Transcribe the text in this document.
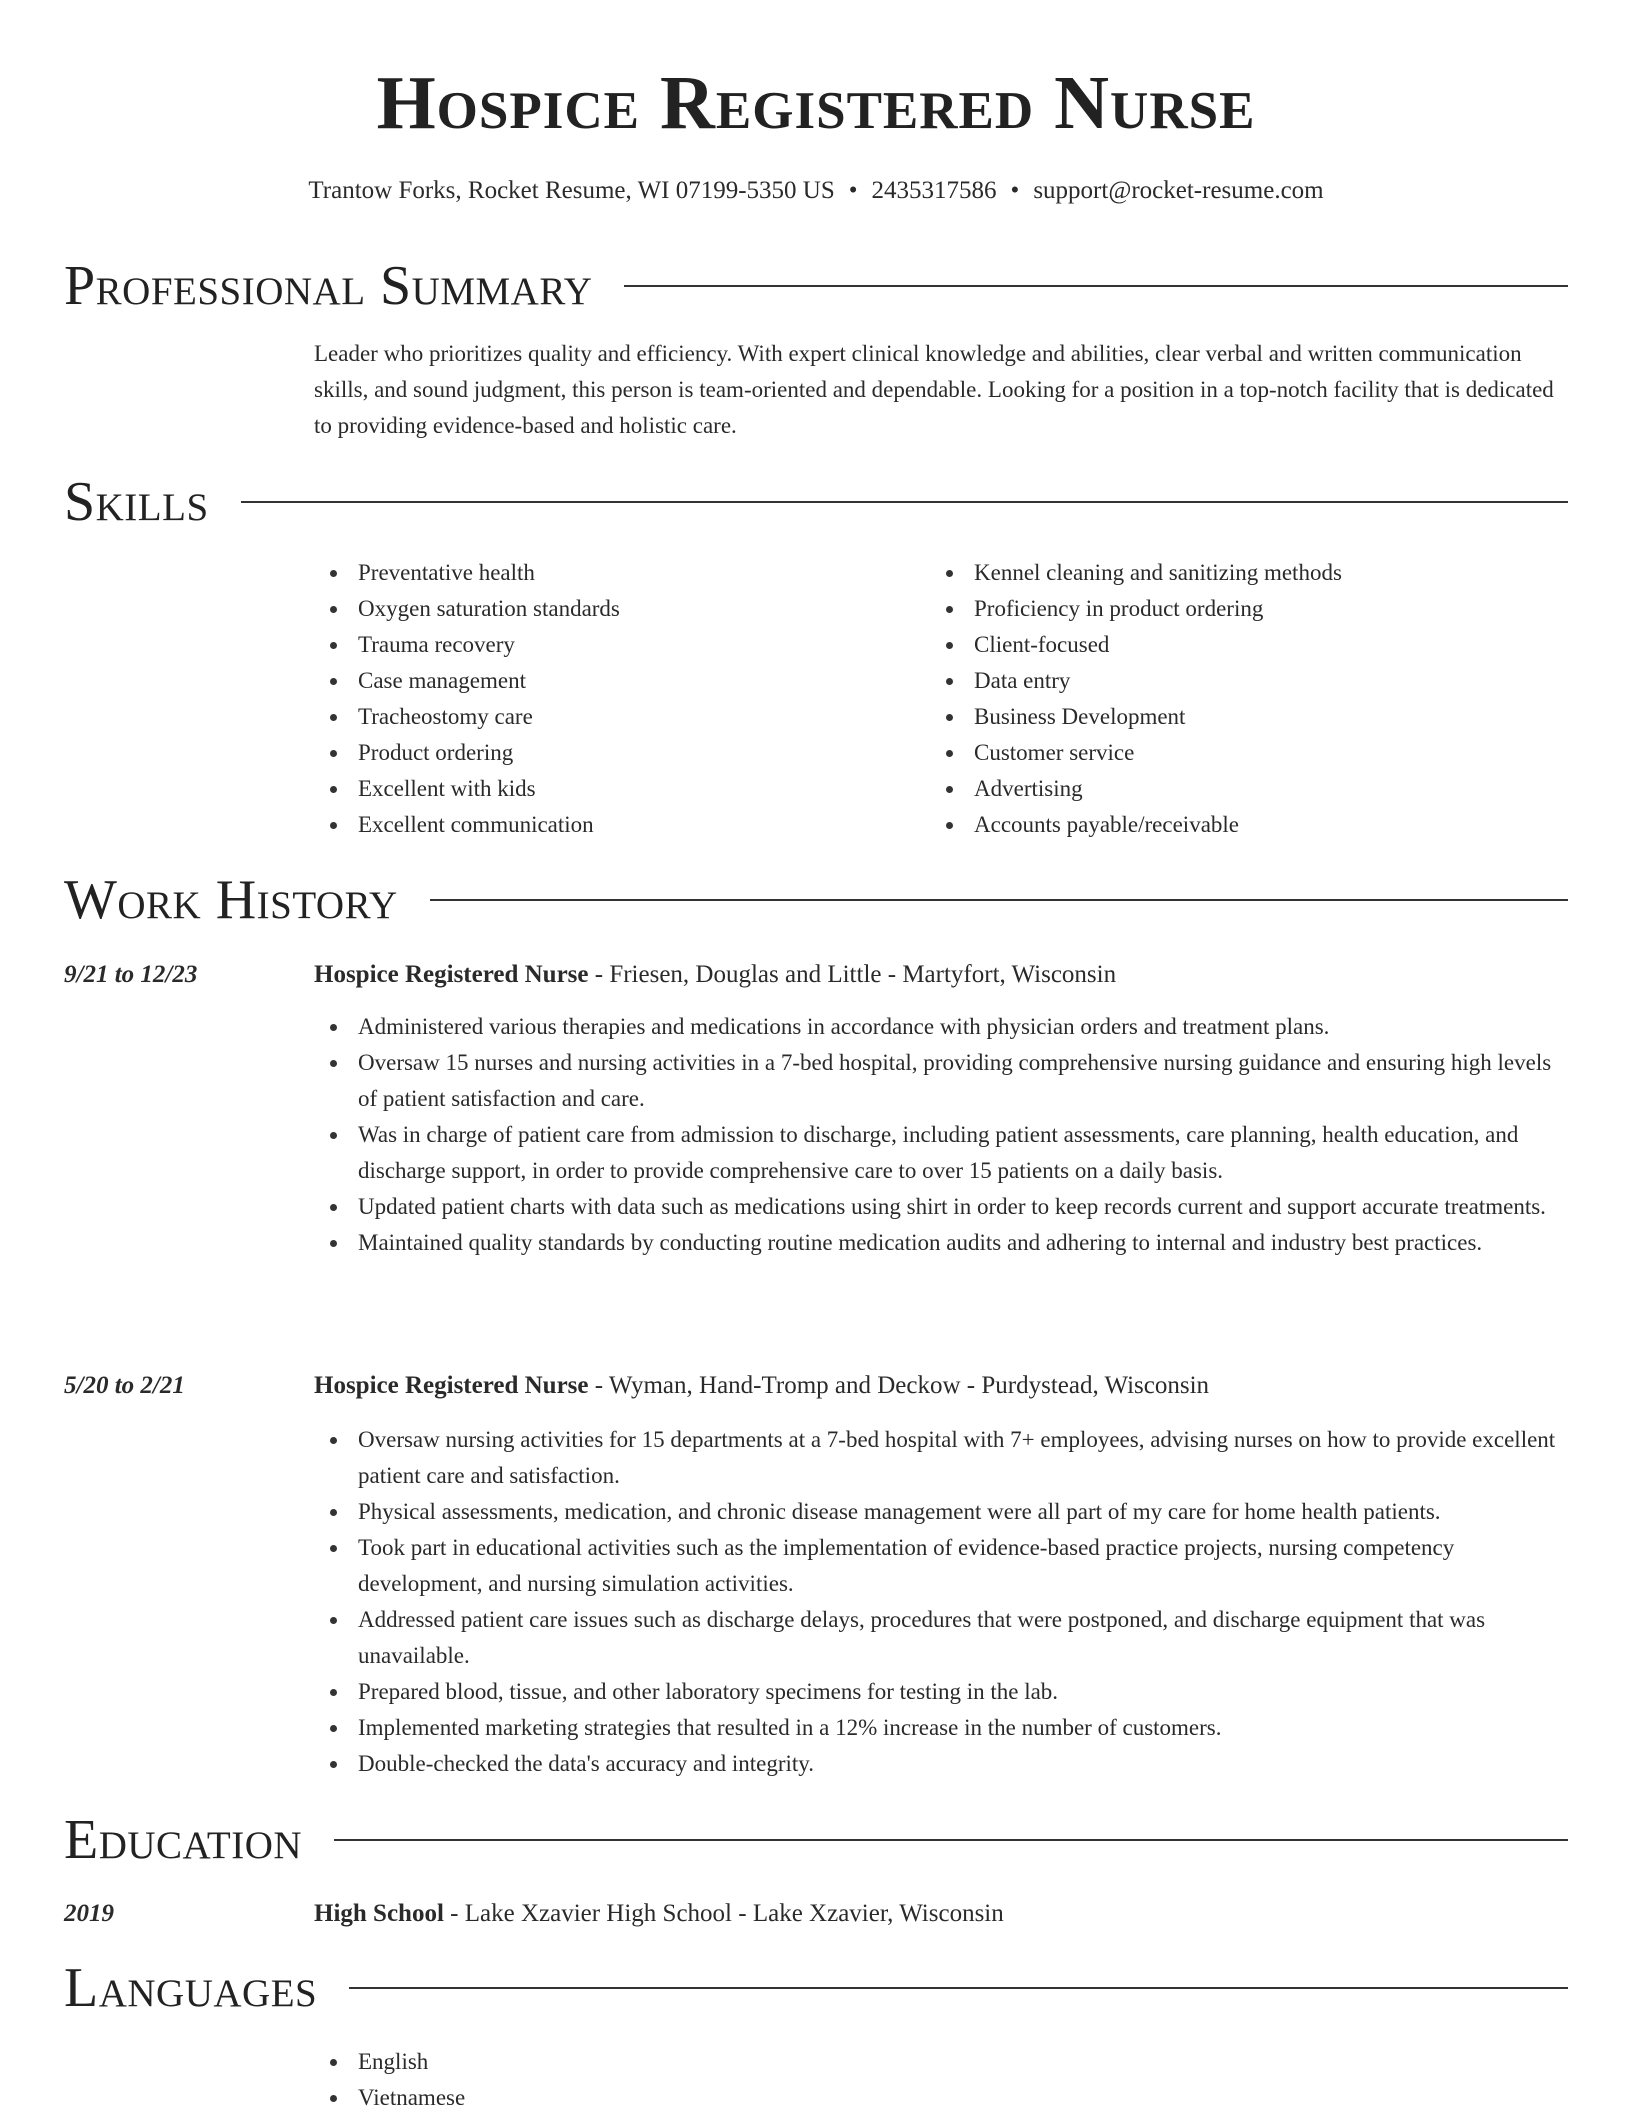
Hospice Registered Nurse
Trantow Forks, Rocket Resume, WI 07199-5350 US • 2435317586 • support@rocket-resume.com
Professional Summary

Leader who prioritizes quality and efficiency. With expert clinical knowledge and abilities, clear verbal and written communication skills, and sound judgment, this person is team-oriented and dependable. Looking for a position in a top-notch facility that is dedicated to providing evidence-based and holistic care.

Skills
Preventative health
Oxygen saturation standards
Trauma recovery
Case management
Tracheostomy care
Product ordering
Excellent with kids
Excellent communication
Kennel cleaning and sanitizing methods
Proficiency in product ordering
Client-focused
Data entry
Business Development
Customer service
Advertising
Accounts payable/receivable
Work History
9/21 to 12/23	Hospice Registered Nurse - Friesen, Douglas and Little - Martyfort, Wisconsin
Administered various therapies and medications in accordance with physician orders and treatment plans.
Oversaw 15 nurses and nursing activities in a 7-bed hospital, providing comprehensive nursing guidance and ensuring high levels of patient satisfaction and care.
Was in charge of patient care from admission to discharge, including patient assessments, care planning, health education, and discharge support, in order to provide comprehensive care to over 15 patients on a daily basis.
Updated patient charts with data such as medications using shirt in order to keep records current and support accurate treatments.
Maintained quality standards by conducting routine medication audits and adhering to internal and industry best practices.
5/20 to 2/21	Hospice Registered Nurse - Wyman, Hand-Tromp and Deckow - Purdystead, Wisconsin
Oversaw nursing activities for 15 departments at a 7-bed hospital with 7+ employees, advising nurses on how to provide excellent patient care and satisfaction.
Physical assessments, medication, and chronic disease management were all part of my care for home health patients.
Took part in educational activities such as the implementation of evidence-based practice projects, nursing competency development, and nursing simulation activities.
Addressed patient care issues such as discharge delays, procedures that were postponed, and discharge equipment that was unavailable.
Prepared blood, tissue, and other laboratory specimens for testing in the lab.
Implemented marketing strategies that resulted in a 12% increase in the number of customers.
Double-checked the data's accuracy and integrity.
Education
2019	High School - Lake Xzavier High School - Lake Xzavier, Wisconsin
Languages
English
Vietnamese
